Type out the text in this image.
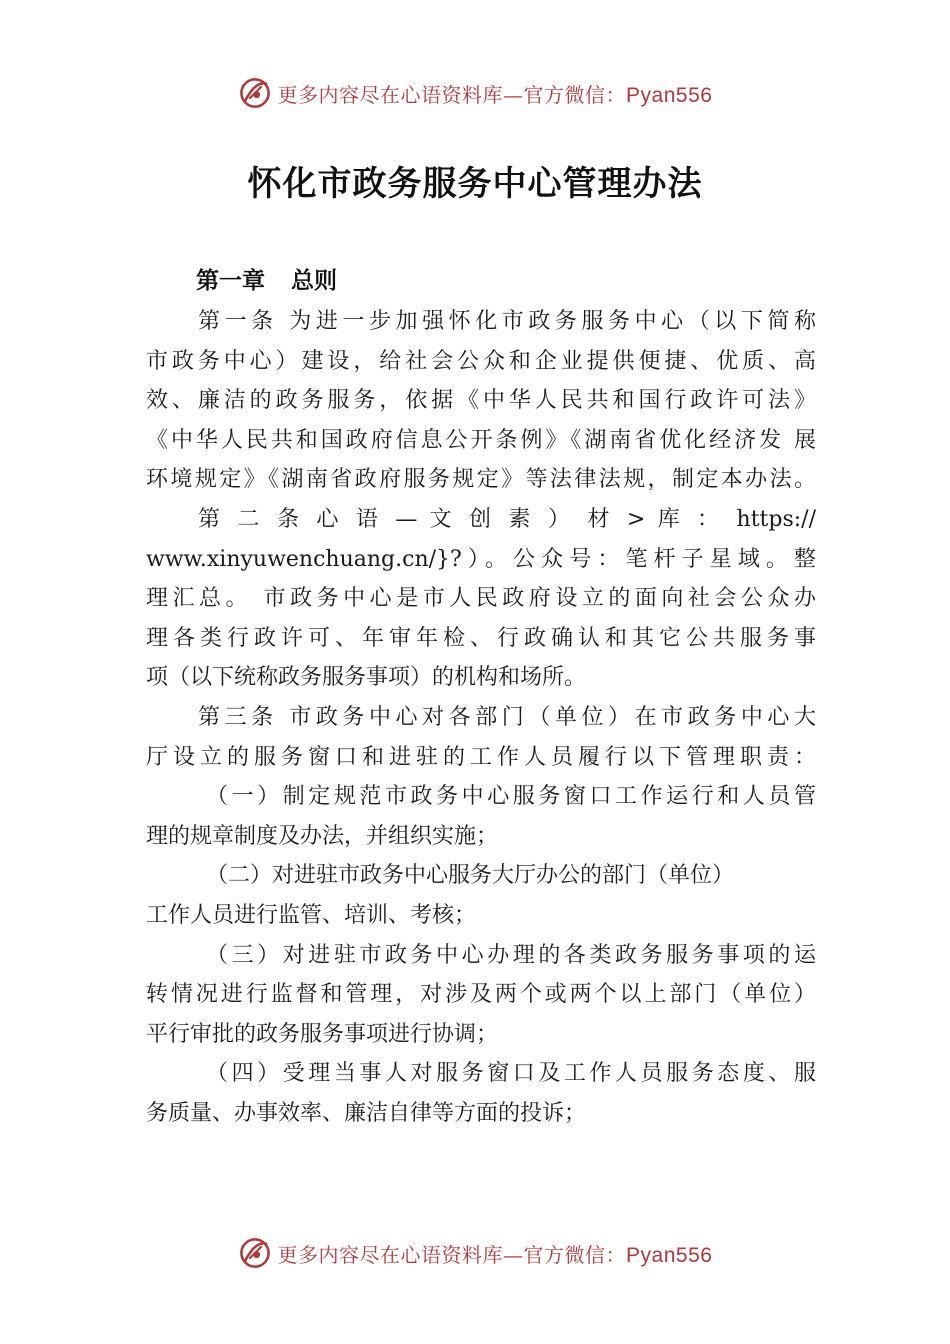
更多内容尽在心语资料库—官方微信：Pyan556
怀化市政务服务中心管理办法
第一章 总则
第一条 为进一步加强怀化市政务服务中心（以下简称
市政务中心）建设，给社会公众和企业提供便捷、优质、高
效、廉洁的政务服务，依据《中华人民共和国行政许可法》
《中华人民共和国政府信息公开条例》《湖南省优化经济发 展
环境规定》《湖南省政府服务规定》等法律法规，制定本办法。
第 二 条 心 语 — 文 创 素 ） 材 > 库 ： https://
www.xinyuwenchuang.cn/}?）。公众号：笔杆子星域。整
理汇总。 市政务中心是市人民政府设立的面向社会公众办
理各类行政许可、年审年检、行政确认和其它公共服务事
项（以下统称政务服务事项）的机构和场所。
第三条 市政务中心对各部门（单位）在市政务中心大
厅设立的服务窗口和进驻的工作人员履行以下管理职责：
（一）制定规范市政务中心服务窗口工作运行和人员管
理的规章制度及办法，并组织实施；
（二）对进驻市政务中心服务大厅办公的部门（单位）
工作人员进行监管、培训、考核；
（三）对进驻市政务中心办理的各类政务服务事项的运
转情况进行监督和管理，对涉及两个或两个以上部门（单位）
平行审批的政务服务事项进行协调；
（四）受理当事人对服务窗口及工作人员服务态度、服
务质量、办事效率、廉洁自律等方面的投诉；
更多内容尽在心语资料库—官方微信：Pyan556
